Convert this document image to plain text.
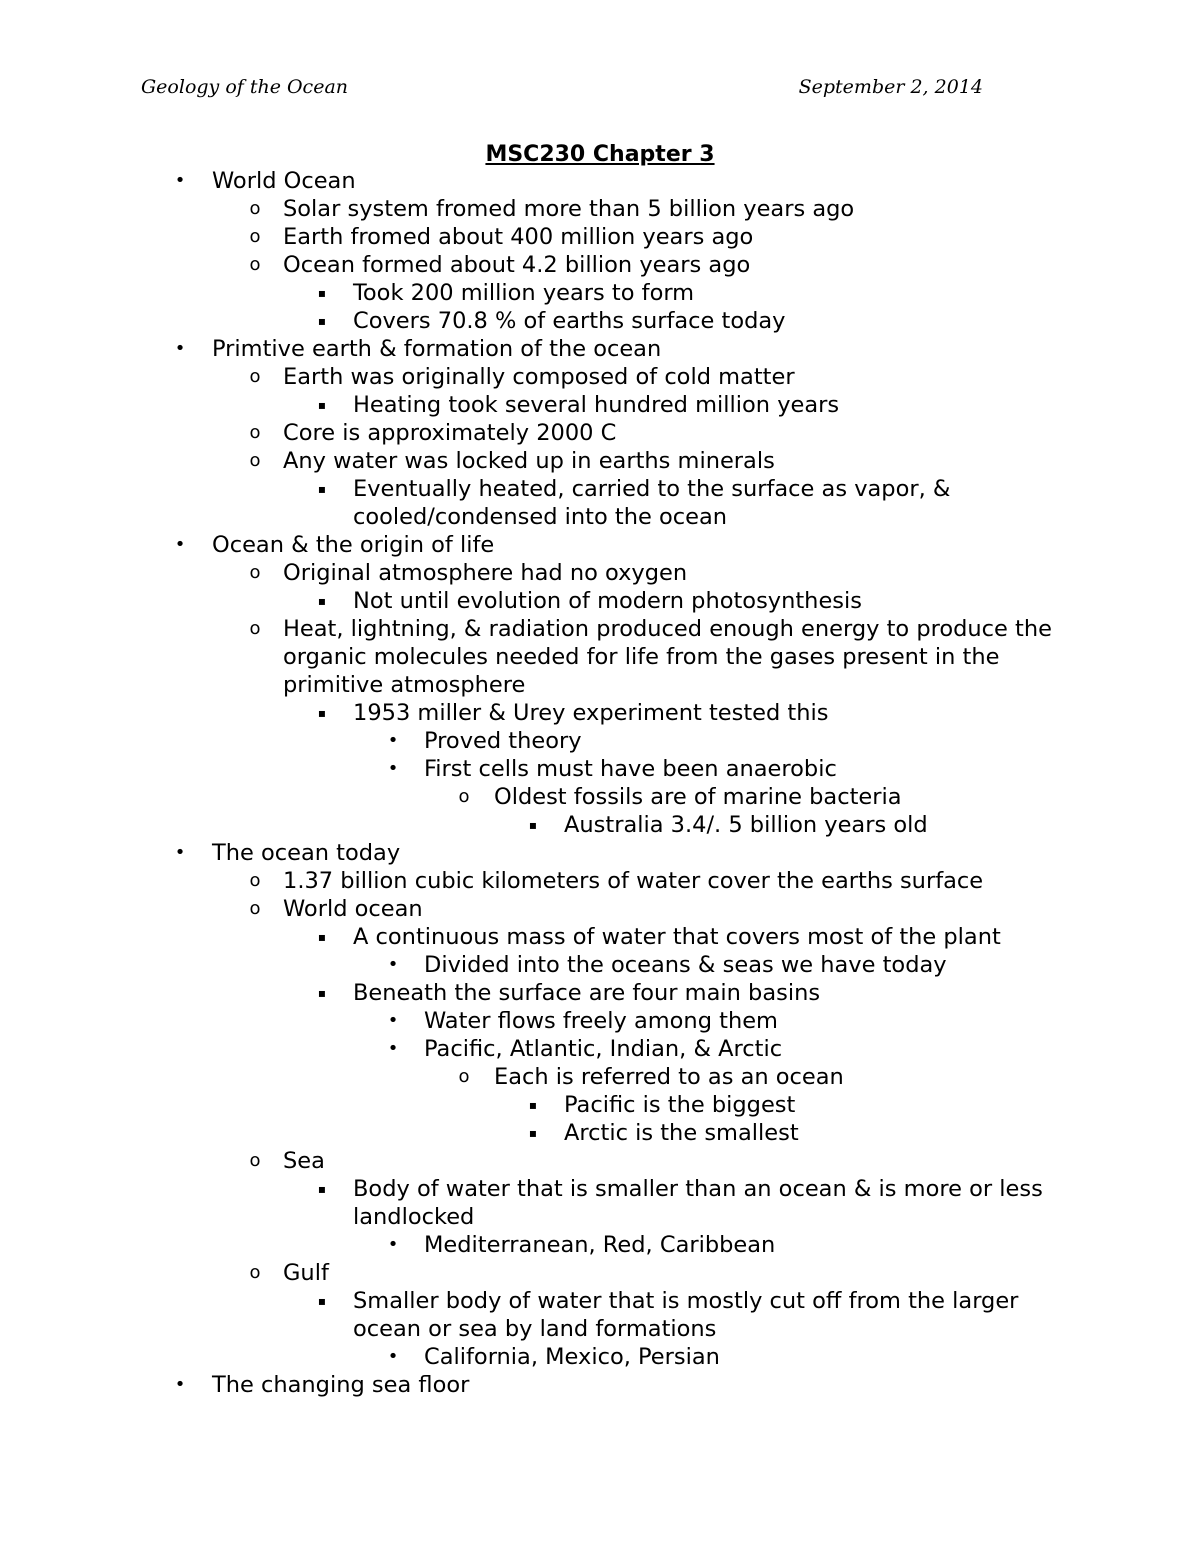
Geology of the Ocean	September 2, 2014
MSC230 Chapter 3
• World Ocean
o Solar system fromed more than 5 billion years ago
o Earth fromed about 400 million years ago
o Ocean formed about 4.2 billion years ago
▪ Took 200 million years to form
▪ Covers 70.8 % of earths surface today
• Primtive earth & formation of the ocean
o Earth was originally composed of cold matter
▪ Heating took several hundred million years
o Core is approximately 2000 C
o Any water was locked up in earths minerals
▪ Eventually heated, carried to the surface as vapor, & cooled/condensed into the ocean
• Ocean & the origin of life
o Original atmosphere had no oxygen
▪ Not until evolution of modern photosynthesis
o Heat, lightning, & radiation produced enough energy to produce the organic molecules needed for life from the gases present in the primitive atmosphere
▪ 1953 miller & Urey experiment tested this
• Proved theory
• First cells must have been anaerobic
o Oldest fossils are of marine bacteria
▪ Australia 3.4/. 5 billion years old
• The ocean today
o 1.37 billion cubic kilometers of water cover the earths surface
o World ocean
▪ A continuous mass of water that covers most of the plant
• Divided into the oceans & seas we have today
▪ Beneath the surface are four main basins
• Water flows freely among them
• Pacific, Atlantic, Indian, & Arctic
o Each is referred to as an ocean
▪ Pacific is the biggest
▪ Arctic is the smallest
o Sea
▪ Body of water that is smaller than an ocean & is more or less landlocked
• Mediterranean, Red, Caribbean
o Gulf
▪ Smaller body of water that is mostly cut off from the larger ocean or sea by land formations
• California, Mexico, Persian
• The changing sea floor
